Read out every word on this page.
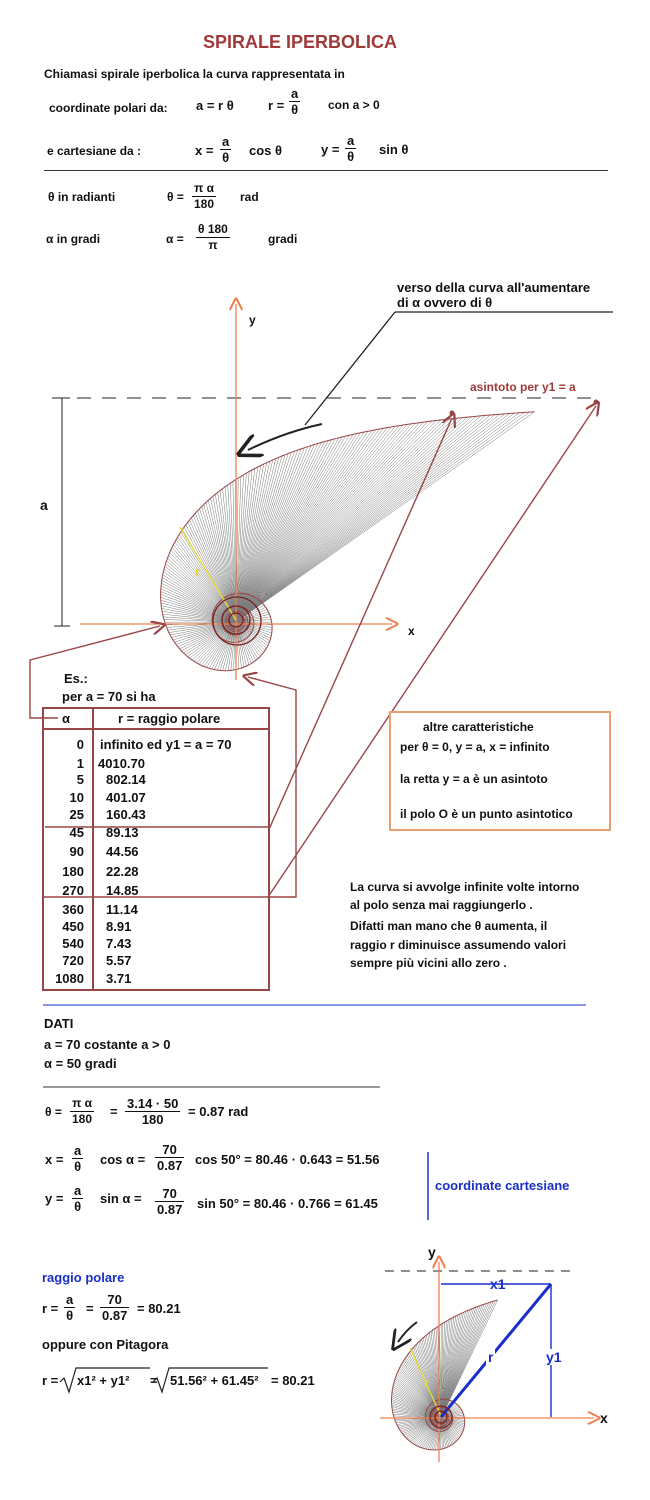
SPIRALE IPERBOLICA
Chiamasi spirale iperbolica la curva rappresentata in
coordinate polari da: a = r θ	$r = \frac{a}{\theta}$ con a > 0
e cartesiane da :	$x = \frac{a}{\theta}$ cos θ	$y = \frac{a}{\theta}$ sin θ
θ in radianti	$\theta = \frac{\text{π α}}{180}$ rad
α in gradi	$\alpha = \frac{\theta 180}{\pi}$	gradi
verso della curva all'aumentare
di α ovvero di θ
asintoto per y1 = a
y
x
a
r
Es.:
per a = 70 si ha
α	r = raggio polare
0 infinito ed y1 = a = 70
1 4010.70
5 802.14
10 401.07
25 160.43
45 89.13
90 44.56
180 22.28
270 14.85
360 11.14
450 8.91
540 7.43
720 5.57
1080 3.71
altre caratteristiche
per θ = 0, y = a, x = infinito
la retta y = a è un asintoto
il polo O è un punto asintotico
La curva si avvolge infinite volte intorno
al polo senza mai raggiungerlo .
Difatti man mano che θ aumenta, il
raggio r diminuisce assumendo valori
sempre più vicini allo zero .
DATI
a = 70 costante a > 0
α = 50 gradi
$\theta = \frac{\text{π α}}{180} = \frac{3.14 \cdot 50}{180} = 0.87$ rad
$x = \frac{a}{\theta}$ $\cos \alpha = \frac{70}{0.87}$ cos 50° = 80.46 · 0.643 = 51.56
$y = \frac{a}{\theta}$ $\sin \alpha = \frac{70}{0.87}$ sin 50° = 80.46 · 0.766 = 61.45
coordinate cartesiane
raggio polare
$r = \frac{a}{\theta} = \frac{70}{0.87} = 80.21$
oppure con Pitagora
r = x1² + y1² = 51.56² + 61.45² = 80.21
y
x
x1
y1
r
r
